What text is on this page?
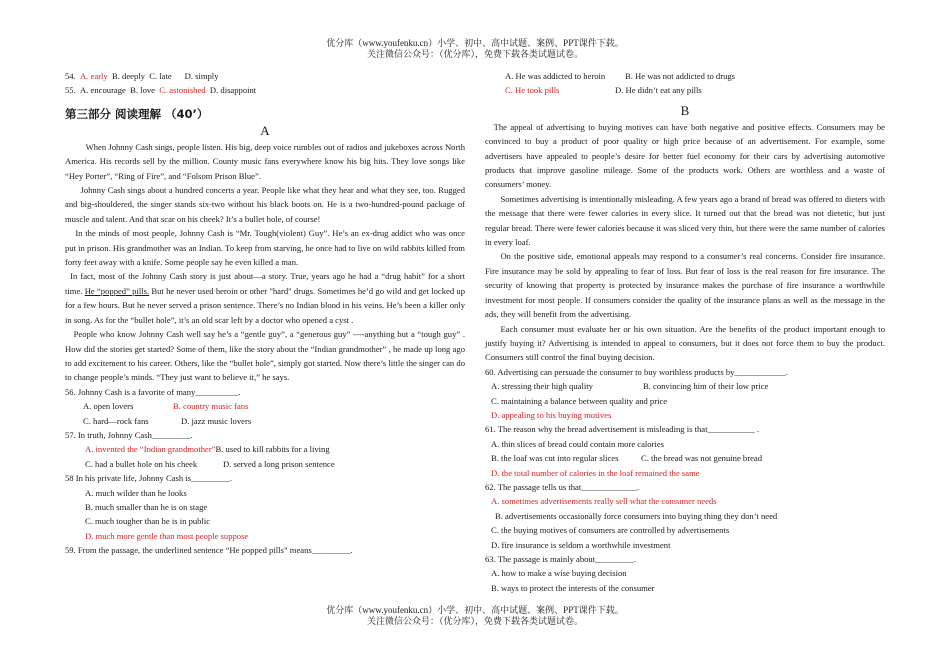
优分库（www.youfenku.cn）小学、初中、高中试题、案例、PPT课件下载。
关注微信公众号：（优分库），免费下载各类试题试卷。

54. A. early B. deeply C. late D. simply

55. A. encourage B. love C. astonished D. disappoint

第三部分 阅读理解 （40’）

A

When Johnny Cash sings, people listen. His big, deep voice rumbles out of radios and jukeboxes across North America. His records sell by the million. County music fans everywhere know his big hits. They love songs like “Hey Porter”, “Ring of Fire”, and “Folsom Prison Blue”.

Johnny Cash sings about a hundred concerts a year. People like what they hear and what they see, too. Rugged and big-shouldered, the singer stands six-two without his black boots on. He is a two-hundred-pound package of muscle and talent. And that scar on his cheek? It’s a bullet hole, of course!

In the minds of most people, Johnny Cash is “Mr. Tough(violent) Guy”. He’s an ex-drug addict who was once put in prison. His grandmother was an Indian. To keep from starving, he once had to live on wild rabbits killed from forty feet away with a knife. Some people say he even killed a man.

In fact, most of the Johnny Cash story is just about—a story. True, years ago he had a “drug habit” for a short time. He “popped” pills. But he never used heroin or other "hard" drugs. Sometimes he’d go wild and get locked up for a few hours. But he never served a prison sentence. There’s no Indian blood in his veins. He’s been a killer only in song. As for the “bullet hole”, it’s an old scar left by a doctor who opened a cyst .

People who know Johnny Cash well say he’s a “gentle guy”, a “generous guy” ----anything but a “tough guy” . How did the stories get started? Some of them, like the story about the “Indian grandmother” , he made up long ago to add excitement to his career. Others, like the “bullet hole”, simply got started. Now there’s little the singer can do to change people’s minds. “They just want to believe it,” he says.

56. Johnny Cash is a favorite of many__________.

A. open lovers	B. country music fans

C. hard—rock fans	D. jazz music lovers

57. In truth, Johnny Cash_________.

A. invented the “Indian grandmother”B. used to kill rabbits for a living

C. had a bullet hole on his cheek	D. served a long prison sentence

58 In his private life, Johnny Cash is_________.

A. much wilder than he looks

B. much smaller than he is on stage

C. much tougher than he is in public

D. much more gentle than most people suppose

59. From the passage, the underlined sentence “He popped pills” means_________.

A. He was addicted to heroin B. He was not addicted to drugs

C. He took pills	D. He didn’t eat any pills

B

The appeal of advertising to buying motives can have both negative and positive effects. Consumers may be convinced to buy a product of poor quality or high price because of an advertisement. For example, some advertisers have appealed to people’s desire for better fuel economy for their cars by advertising automotive products that improve gasoline mileage. Some of the products work. Others are worthless and a waste of consumers’ money.

Sometimes advertising is intentionally misleading. A few years ago a brand of bread was offered to dieters with the message that there were fewer calories in every slice. It turned out that the bread was not dietetic, but just regular bread. There were fewer calories because it was sliced very thin, but there were the same number of calories in every loaf.

On the positive side, emotional appeals may respond to a consumer’s real concerns. Consider fire insurance. Fire insurance may be sold by appealing to fear of loss. But fear of loss is the real reason for fire insurance. The security of knowing that property is protected by insurance makes the purchase of fire insurance a worthwhile investment for most people. If consumers consider the quality of the insurance plans as well as the message in the ads, they will benefit from the advertising.

Each consumer must evaluate her or his own situation. Are the benefits of the product important enough to justify buying it? Advertising is intended to appeal to consumers, but it does not force them to buy the product. Consumers still control the final buying decision.

60. Advertising can persuade the consumer to buy worthless products by____________.

A. stressing their high quality	B. convincing him of their low price

C. maintaining a balance between quality and price

D. appealing to his buying motives

61. The reason why the bread advertisement is misleading is that___________ .

A. thin slices of bread could contain more calories

B. the loaf was cut into regular slices	C. the bread was not genuine bread

D. the total number of calories in the loaf remained the same

62. The passage tells us that_____________.

A. sometimes advertisements really sell what the consumer needs

B. advertisements occasionally force consumers into buying thing they don’t need

C. the buying motives of consumers are controlled by advertisements

D. fire insurance is seldom a worthwhile investment

63. The passage is mainly about_________.

A. how to make a wise buying decision

B. ways to protect the interests of the consumer

优分库（www.youfenku.cn）小学、初中、高中试题、案例、PPT课件下载。
关注微信公众号：（优分库），免费下载各类试题试卷。
